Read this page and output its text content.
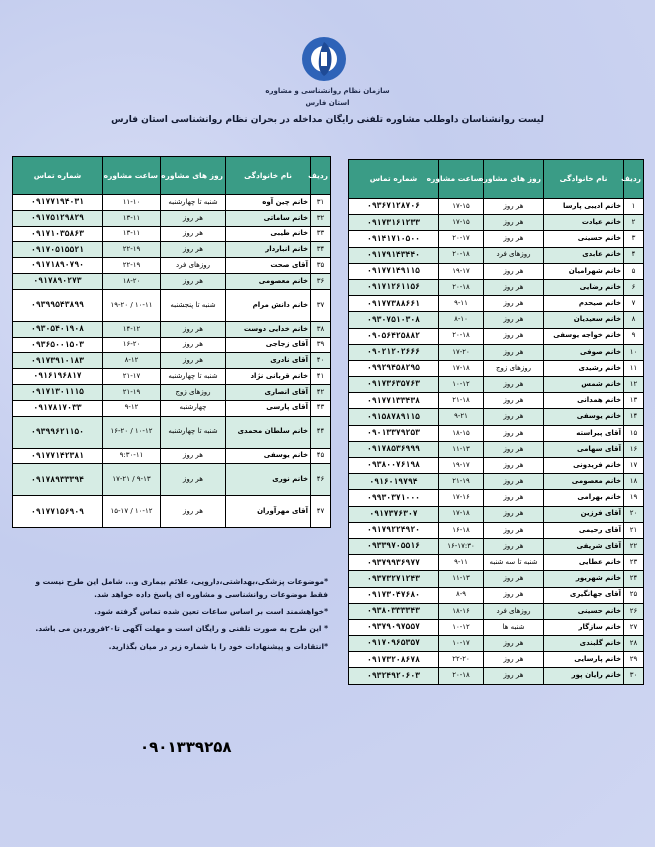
سازمان نظام روانشناسی و مشاوره
استان فارس
لیست روانشناسان داوطلب مشاوره تلفنی رایگان مداخله در بحران نظام روانشناسی استان فارس
ردیف	نام خانوادگی	روز های مشاوره	ساعت مشاوره	شماره تماس
۱	خانم ادیبی پارسا	هر روز	۱۷-۱۵	۰۹۳۶۷۱۲۸۷۰۶
۲	خانم عیادت	هر روز	۱۷-۱۵	۰۹۱۷۳۱۶۱۲۳۳
۳	خانم حسینی	هر روز	۲۰-۱۷	۰۹۱۴۱۷۱۰۵۰۰
۴	خانم عابدی	روزهای فرد	۲۰-۱۸	۰۹۱۷۹۱۴۳۴۴۰
۵	خانم شهرامیان	هر روز	۱۹-۱۷	۰۹۱۷۷۱۴۹۱۱۵
۶	خانم رضایی	هر روز	۲۰-۱۸	۰۹۱۷۱۲۶۱۱۵۶
۷	خانم صیحدم	هر روز	۹-۱۱	۰۹۱۷۷۳۸۸۶۶۱
۸	خانم سعیدیان	هر روز	۸-۱۰	۰۹۳۰۷۵۱۰۳۰۸
۹	خانم خواجه یوسفی	هر روز	۲۰-۱۸	۰۹۰۵۶۴۲۵۸۸۲
۱۰	خانم صوفی	هر روز	۱۷-۲۰	۰۹۰۲۱۲۰۲۶۶۶
۱۱	خانم رشیدی	روزهای زوج	۱۷-۱۸	۰۹۹۲۹۴۵۸۲۹۵
۱۲	خانم شمس	هر روز	۱۰-۱۲	۰۹۱۷۳۶۳۵۷۶۳
۱۳	خانم همدانی	هر روز	۲۱-۱۸	۰۹۱۷۷۱۳۳۴۳۸
۱۴	خانم یوسفی	هر روز	۹-۲۱	۰۹۱۵۸۷۸۹۱۱۵
۱۵	آقای پیراسته	هر روز	۱۸-۱۵	۰۹۰۱۳۳۷۹۲۵۳
۱۶	آقای سهامی	هر روز	۱۱-۱۳	۰۹۱۷۸۵۳۶۹۹۹
۱۷	خانم فریدونی	هر روز	۱۹-۱۷	۰۹۳۸۰۰۷۶۱۹۸
۱۸	خانم معصومی	هر روز	۲۱-۱۹	۰۹۱۶۰۱۹۷۹۴
۱۹	خانم بهرامی	هر روز	۱۷-۱۶	۰۹۹۳۰۳۷۱۰۰۰
۲۰	آقای فرزین	هر روز	۱۷-۱۸	۰۹۱۷۳۷۶۳۰۷
۲۱	آقای رحیمی	هر روز	۱۶-۱۸	۰۹۱۷۹۲۲۴۹۲۰
۲۲	آقای شریفی	هر روز	۱۶-۱۷:۳۰	۰۹۳۳۹۷۰۵۵۱۶
۲۳	خانم عطایی	شنبه تا سه شنبه	۹-۱۱	۰۹۳۷۹۹۳۶۹۷۷
۲۴	خانم شهریور	هر روز	۱۱-۱۳	۰۹۳۷۳۲۷۱۲۴۳
۲۵	آقای جهانگیری	هر روز	۸-۹	۰۹۱۷۳۰۴۷۶۸۰
۲۶	خانم حسینی	روزهای فرد	۱۸-۱۶	۰۹۳۸۰۳۳۳۳۴۳
۲۷	خانم سازگار	شنبه ها	۱۰-۱۲	۰۹۳۷۹۰۹۷۵۵۷
۲۸	خانم گلبندی	هر روز	۱۰-۱۷	۰۹۱۷۰۹۶۵۳۵۷
۲۹	خانم پارسایی	هر روز	۲۲-۲۰	۰۹۱۷۳۲۰۸۶۷۸
۳۰	خانم رایان پور	هر روز	۲۰-۱۸	۰۹۳۲۴۹۲۰۶۰۳
ردیف	نام خانوادگی	روز های مشاوره	ساعت مشاوره	شماره تماس
۳۱	خانم چین آوه	شنبه تا چهارشنبه	۱۱-۱۰	۰۹۱۷۷۱۹۴۰۳۱
۳۲	خانم ساماتی	هر روز	۱۳-۱۱	۰۹۱۷۵۱۲۹۸۲۹
۳۳	خانم طیبی	هر روز	۱۳-۱۱	۰۹۱۷۱۰۳۵۸۶۳
۳۴	خانم انباردار	هر روز	۲۲-۱۹	۰۹۱۷۰۵۱۵۵۲۱
۳۵	آقای صحت	روزهای فرد	۲۲-۱۹	۰۹۱۷۱۸۹۰۷۹۰
۳۶	خانم معصومی	هر روز	۱۸-۲۰	۰۹۱۷۸۹۰۲۷۳
۳۷	خانم دانش مرام	شنبه تا پنجشنبه	۱۰-۱۱ / ۱۹-۲۰	۰۹۳۹۹۵۴۳۸۹۹
۳۸	خانم خدایی دوست	هر روز	۱۴-۱۲	۰۹۳۰۵۴۰۱۹۰۸
۳۹	آقای زجاجی	هر روز	۱۶-۲۰	۰۹۳۶۵۰۰۱۵۰۳
۴۰	آقای نادری	هر روز	۸-۱۲	۰۹۱۷۳۹۱۰۱۸۳
۴۱	خانم قربانی نژاد	شنبه تا چهارشنبه	۲۱-۱۷	۰۹۱۶۱۹۶۸۱۷
۴۲	آقای انصاری	روزهای زوج	۲۱-۱۹	۰۹۱۷۱۳۰۱۱۱۵
۴۳	آقای پارسی	چهارشنبه	۹-۱۲	۰۹۱۷۸۱۷۰۳۳
۴۴	خانم سلطان محمدی	شنبه تا چهارشنبه	۱۰-۱۲ / ۱۶-۲۰	۰۹۳۹۹۶۲۱۱۵۰
۴۵	خانم یوسفی	هر روز	۹:۳۰-۱۱	۰۹۱۷۷۱۴۲۳۸۱
۴۶	خانم نوری	هر روز	۹-۱۳ / ۱۷-۲۱	۰۹۱۷۸۹۳۳۳۹۴
۴۷	آقای مهرآوران	هر روز	۱۰-۱۲ / ۱۵-۱۷	۰۹۱۷۷۱۵۶۹۰۹

*موضوعات پزشکی،بهداشتی،دارویی، علائم بیماری و... شامل این طرح نیست و فقط موضوعات روانشناسی و مشاوره ای پاسخ داده خواهد شد.

*خواهشمند است بر اساس ساعات تعین شده تماس گرفته شود.

* این طرح به صورت تلفنی و رایگان است و مهلت آگهی تا۲۰فروردین می باشد.

*انتقادات و پیشنهادات خود را با شماره زیر در میان بگذارید.

۰۹۰۱۳۳۹۲۵۸
